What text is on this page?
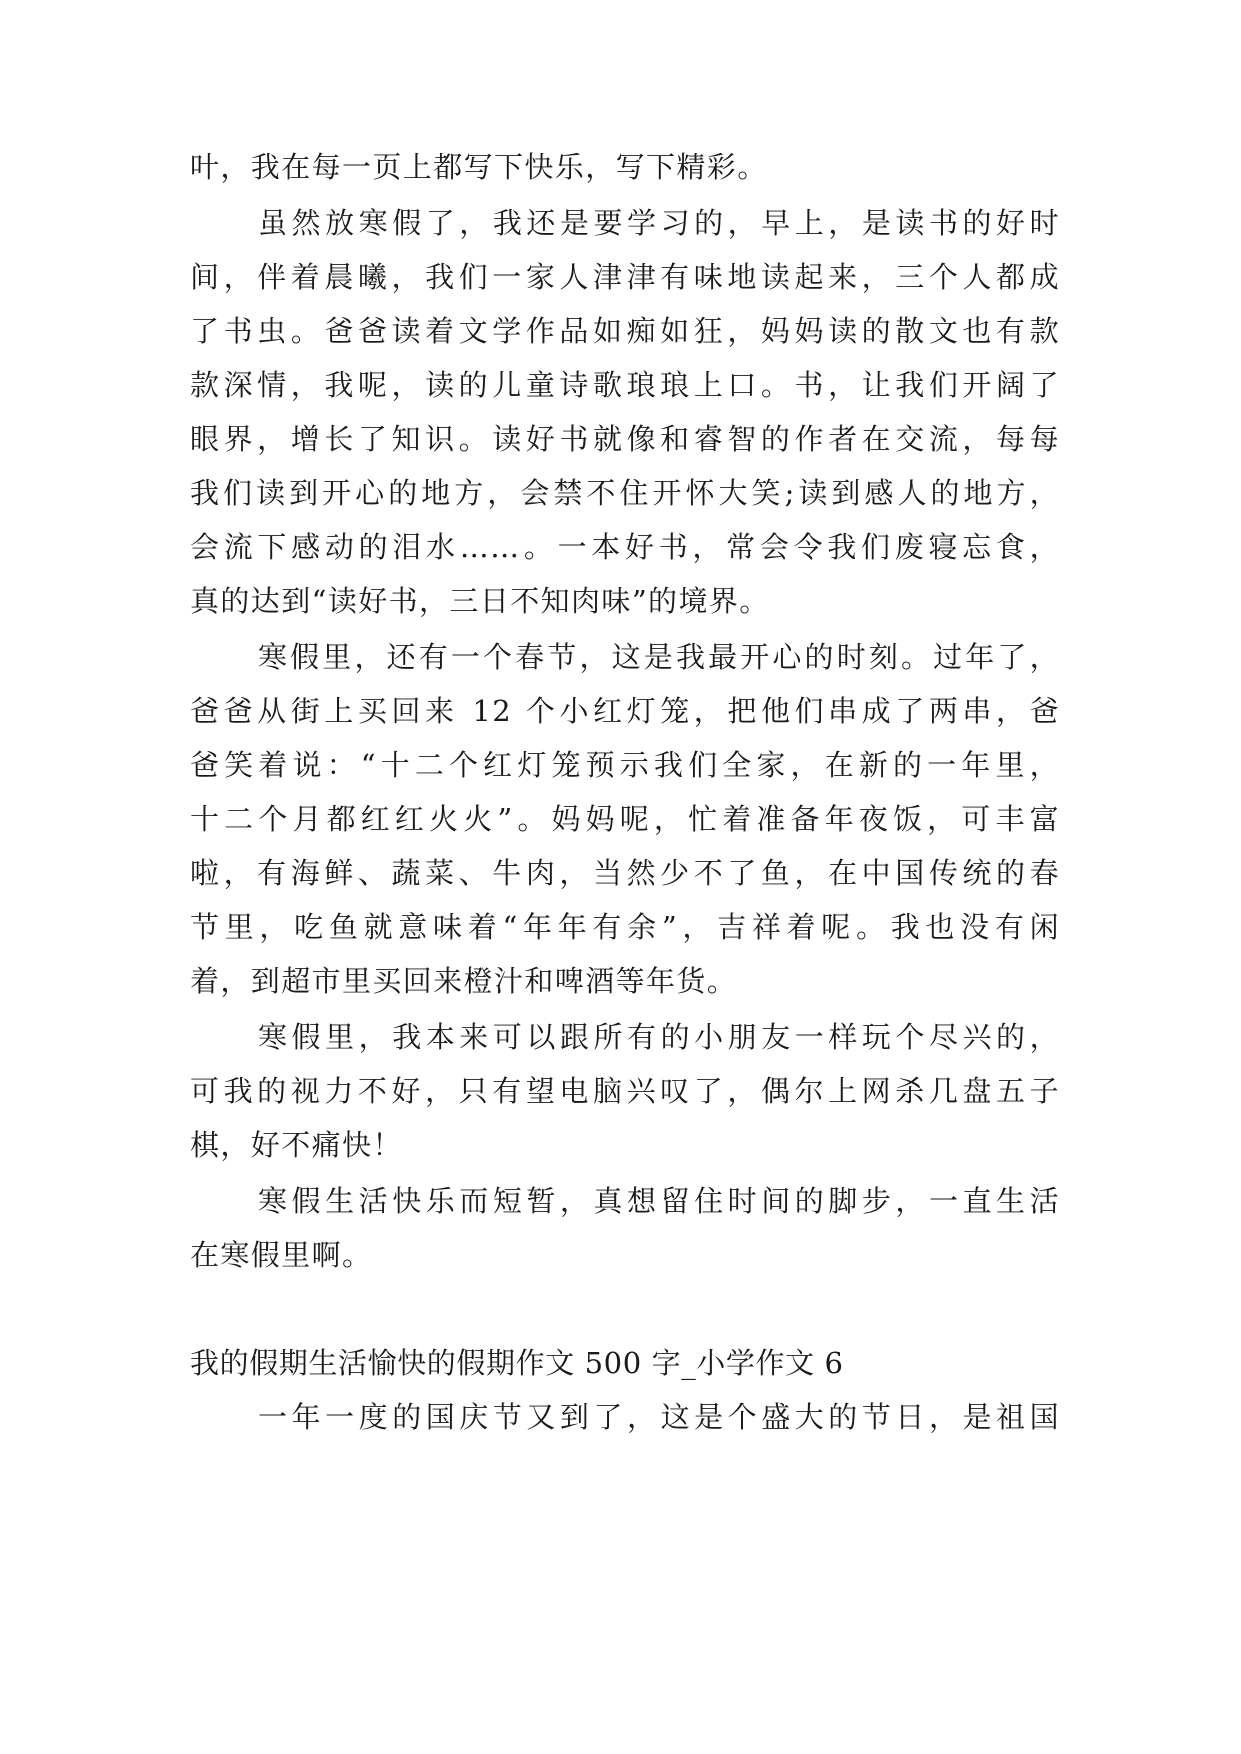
叶，我在每一页上都写下快乐，写下精彩。
虽然放寒假了，我还是要学习的，早上，是读书的好时
间，伴着晨曦，我们一家人津津有味地读起来，三个人都成
了书虫。爸爸读着文学作品如痴如狂，妈妈读的散文也有款
款深情，我呢，读的儿童诗歌琅琅上口。书，让我们开阔了
眼界，增长了知识。读好书就像和睿智的作者在交流，每每
我们读到开心的地方，会禁不住开怀大笑;读到感人的地方，
会流下感动的泪水……。一本好书，常会令我们废寝忘食，
真的达到“读好书，三日不知肉味”的境界。
寒假里，还有一个春节，这是我最开心的时刻。过年了，
爸爸从街上买回来 12 个小红灯笼，把他们串成了两串，爸
爸笑着说：“十二个红灯笼预示我们全家，在新的一年里，
十二个月都红红火火”。妈妈呢，忙着准备年夜饭，可丰富
啦，有海鲜、蔬菜、牛肉，当然少不了鱼，在中国传统的春
节里，吃鱼就意味着“年年有余”，吉祥着呢。我也没有闲
着，到超市里买回来橙汁和啤酒等年货。
寒假里，我本来可以跟所有的小朋友一样玩个尽兴的，
可我的视力不好，只有望电脑兴叹了，偶尔上网杀几盘五子
棋，好不痛快！
寒假生活快乐而短暂，真想留住时间的脚步，一直生活
在寒假里啊。
我的假期生活愉快的假期作文 500 字_小学作文 6
一年一度的国庆节又到了，这是个盛大的节日，是祖国
